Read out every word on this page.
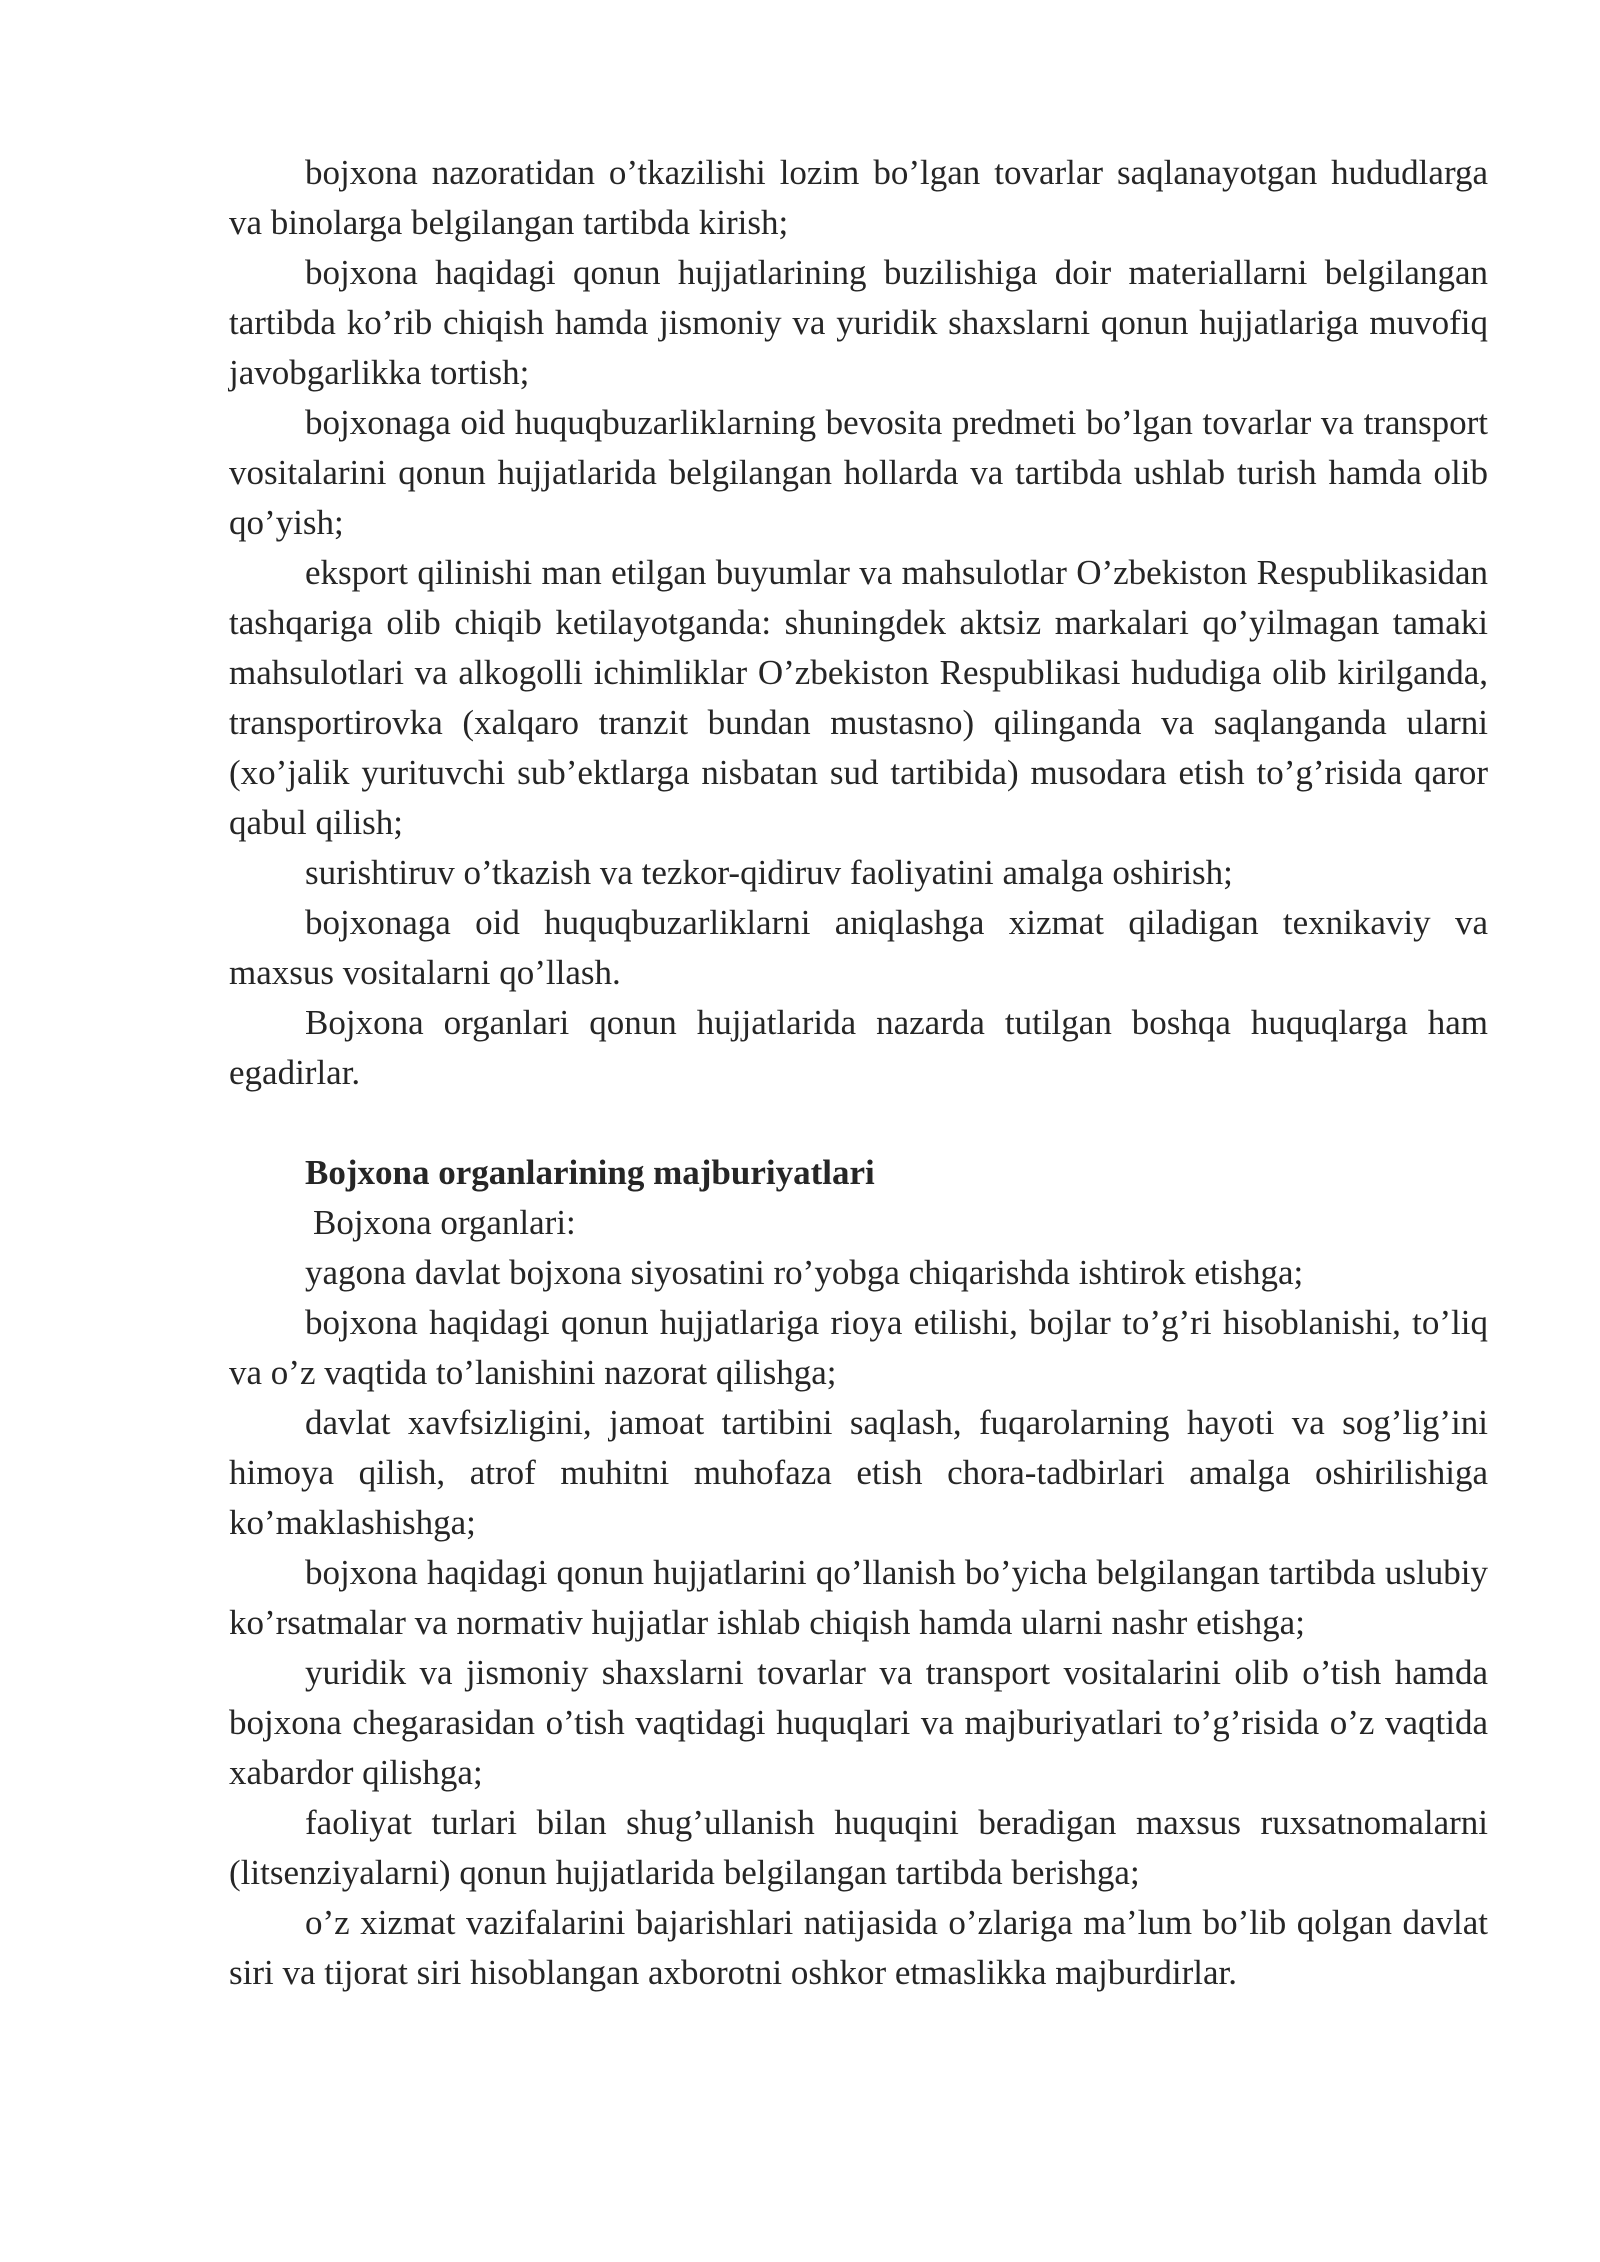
bojxona nazoratidan o’tkazilishi lozim bo’lgan tovarlar saqlanayotgan hududlarga va binolarga belgilangan tartibda kirish;

bojxona haqidagi qonun hujjatlarining buzilishiga doir materiallarni belgilangan tartibda ko’rib chiqish hamda jismoniy va yuridik shaxslarni qonun hujjatlariga muvofiq javobgarlikka tortish;

bojxonaga oid huquqbuzarliklarning bevosita predmeti bo’lgan tovarlar va transport vositalarini qonun hujjatlarida belgilangan hollarda va tartibda ushlab turish hamda olib qo’yish;

eksport qilinishi man etilgan buyumlar va mahsulotlar O’zbekiston Respublikasidan tashqariga olib chiqib ketilayotganda: shuningdek aktsiz markalari qo’yilmagan tamaki mahsulotlari va alkogolli ichimliklar O’zbekiston Respublikasi hududiga olib kirilganda, transportirovka (xalqaro tranzit bundan mustasno) qilinganda va saqlanganda ularni (xo’jalik yurituvchi sub’ektlarga nisbatan sud tartibida) musodara etish to’g’risida qaror qabul qilish;

surishtiruv o’tkazish va tezkor-qidiruv faoliyatini amalga oshirish;

bojxonaga oid huquqbuzarliklarni aniqlashga xizmat qiladigan texnikaviy va maxsus vositalarni qo’llash.

Bojxona organlari qonun hujjatlarida nazarda tutilgan boshqa huquqlarga ham egadirlar.

Bojxona organlarining majburiyatlari

Bojxona organlari:

yagona davlat bojxona siyosatini ro’yobga chiqarishda ishtirok etishga;

bojxona haqidagi qonun hujjatlariga rioya etilishi, bojlar to’g’ri hisoblanishi, to’liq va o’z vaqtida to’lanishini nazorat qilishga;

davlat xavfsizligini, jamoat tartibini saqlash, fuqarolarning hayoti va sog’lig’ini himoya qilish, atrof muhitni muhofaza etish chora-tadbirlari amalga oshirilishiga ko’maklashishga;

bojxona haqidagi qonun hujjatlarini qo’llanish bo’yicha belgilangan tartibda uslubiy ko’rsatmalar va normativ hujjatlar ishlab chiqish hamda ularni nashr etishga;

yuridik va jismoniy shaxslarni tovarlar va transport vositalarini olib o’tish hamda bojxona chegarasidan o’tish vaqtidagi huquqlari va majburiyatlari to’g’risida o’z vaqtida xabardor qilishga;

faoliyat turlari bilan shug’ullanish huquqini beradigan maxsus ruxsatnomalarni (litsenziyalarni) qonun hujjatlarida belgilangan tartibda berishga;

o’z xizmat vazifalarini bajarishlari natijasida o’zlariga ma’lum bo’lib qolgan davlat siri va tijorat siri hisoblangan axborotni oshkor etmaslikka majburdirlar.
